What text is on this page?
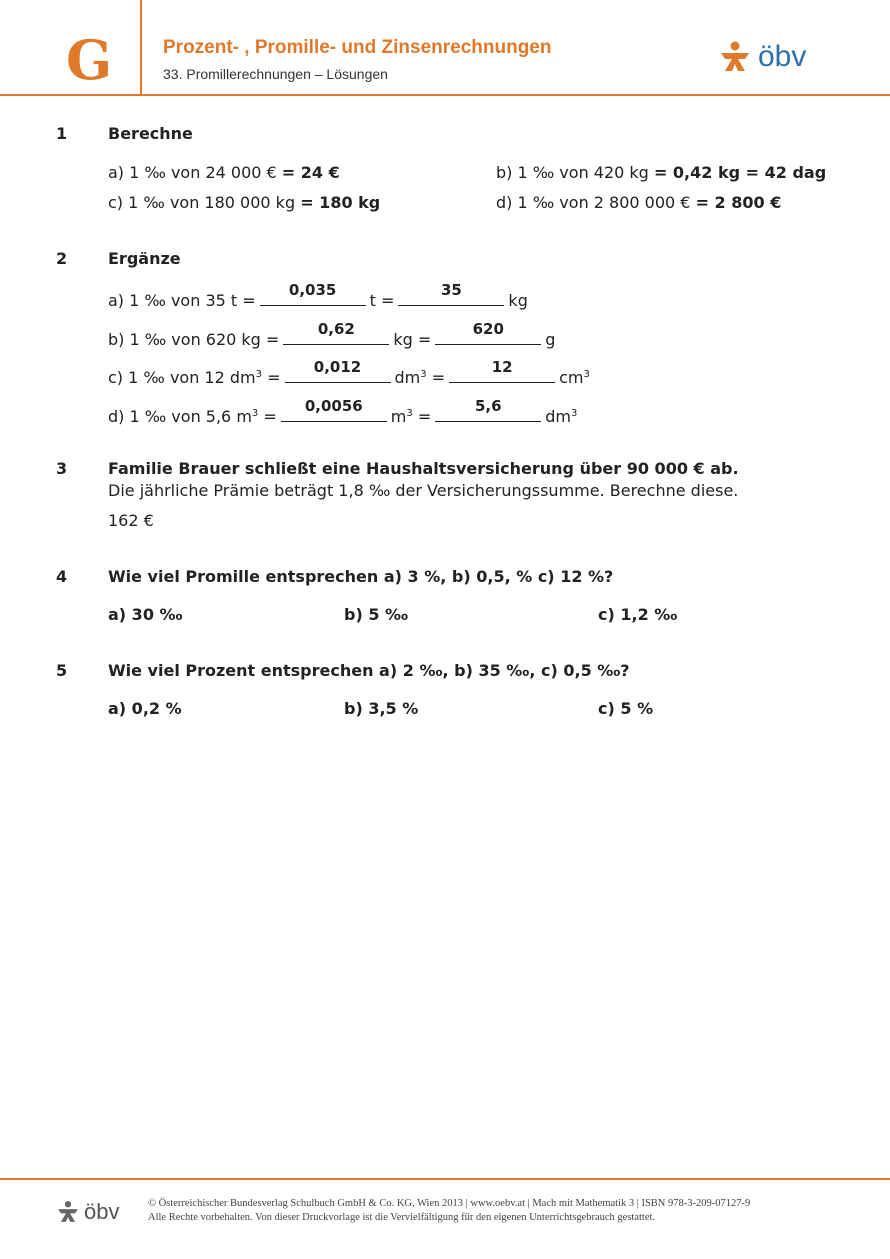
G	Prozent- , Promille- und Zinsenrechnungen
33. Promillerechnungen – Lösungen
öbv
1	Berechne
a) 1 ‰ von 24 000 € = 24 €	b) 1 ‰ von 420 kg = 0,42 kg = 42 dag
c) 1 ‰ von 180 000 kg = 180 kg	d) 1 ‰ von 2 800 000 € = 2 800 €
2	Ergänze
a) 1 ‰ von 35 t =
0,035
t =
35
kg
b) 1 ‰ von 620 kg =
0,62
kg =
620
g
c) 1 ‰ von 12 $dm^3$ =
0,012
$dm^3$ =
12
$cm^3$
d) 1 ‰ von 5,6 $m^3$ =
0,0056
$m^3$ =
5,6
$dm^3$
3	Familie Brauer schließt eine Haushaltsversicherung über 90 000 € ab.
Die jährliche Prämie beträgt 1,8 ‰ der Versicherungssumme. Berechne diese.
162 €
4	Wie viel Promille entsprechen a) 3 %, b) 0,5, % c) 12 %?
a) 30 ‰	b) 5 ‰	c) 1,2 ‰
5	Wie viel Prozent entsprechen a) 2 ‰, b) 35 ‰, c) 0,5 ‰?
a) 0,2 %	b) 3,5 %	c) 5 %
öbv	© Österreichischer Bundesverlag Schulbuch GmbH & Co. KG, Wien 2013 | www.oebv.at | Mach mit Mathematik 3 | ISBN 978-3-209-07127-9
Alle Rechte vorbehalten. Von dieser Druckvorlage ist die Vervielfältigung für den eigenen Unterrichtsgebrauch gestattet.
